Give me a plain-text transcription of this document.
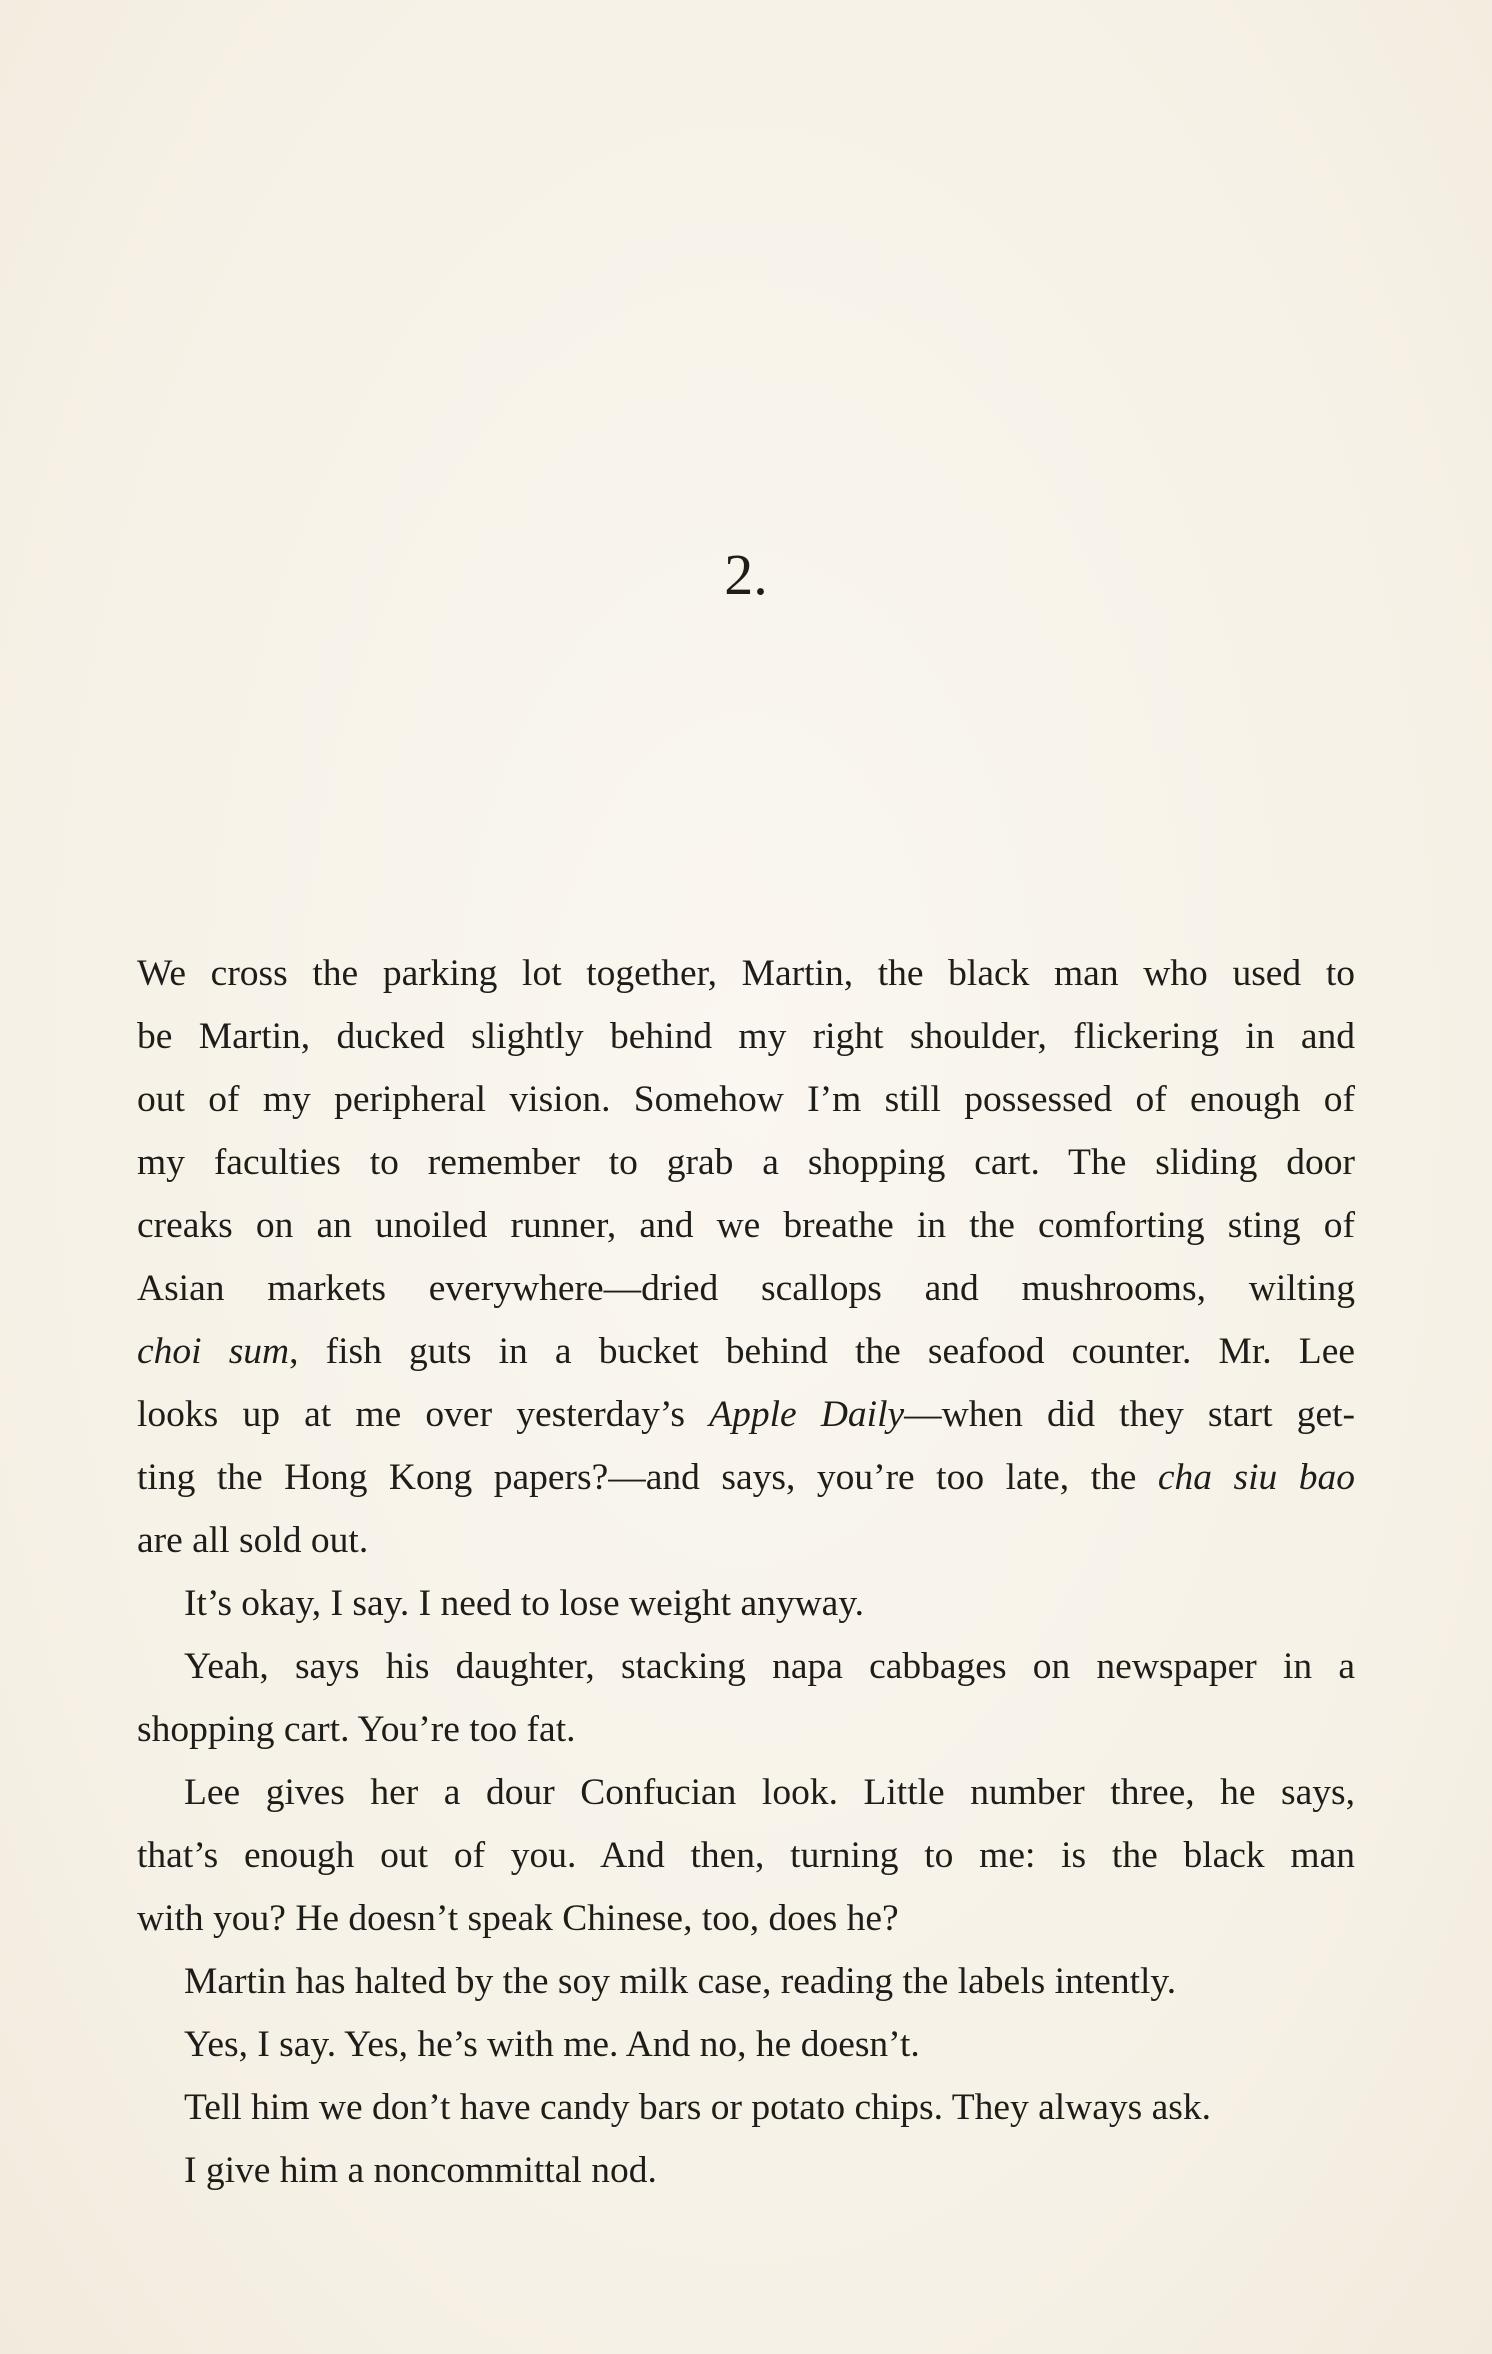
2.

We cross the parking lot together, Martin, the black man who used to
be Martin, ducked slightly behind my right shoulder, flickering in and
out of my peripheral vision. Somehow I’m still possessed of enough of
my faculties to remember to grab a shopping cart. The sliding door
creaks on an unoiled runner, and we breathe in the comforting sting of
Asian markets everywhere—dried scallops and mushrooms, wilting
choi sum, fish guts in a bucket behind the seafood counter. Mr. Lee
looks up at me over yesterday’s Apple Daily—when did they start get-
ting the Hong Kong papers?—and says, you’re too late, the cha siu bao
are all sold out.

It’s okay, I say. I need to lose weight anyway.

Yeah, says his daughter, stacking napa cabbages on newspaper in a
shopping cart. You’re too fat.

Lee gives her a dour Confucian look. Little number three, he says,
that’s enough out of you. And then, turning to me: is the black man
with you? He doesn’t speak Chinese, too, does he?

Martin has halted by the soy milk case, reading the labels intently.

Yes, I say. Yes, he’s with me. And no, he doesn’t.

Tell him we don’t have candy bars or potato chips. They always ask.

I give him a noncommittal nod.
